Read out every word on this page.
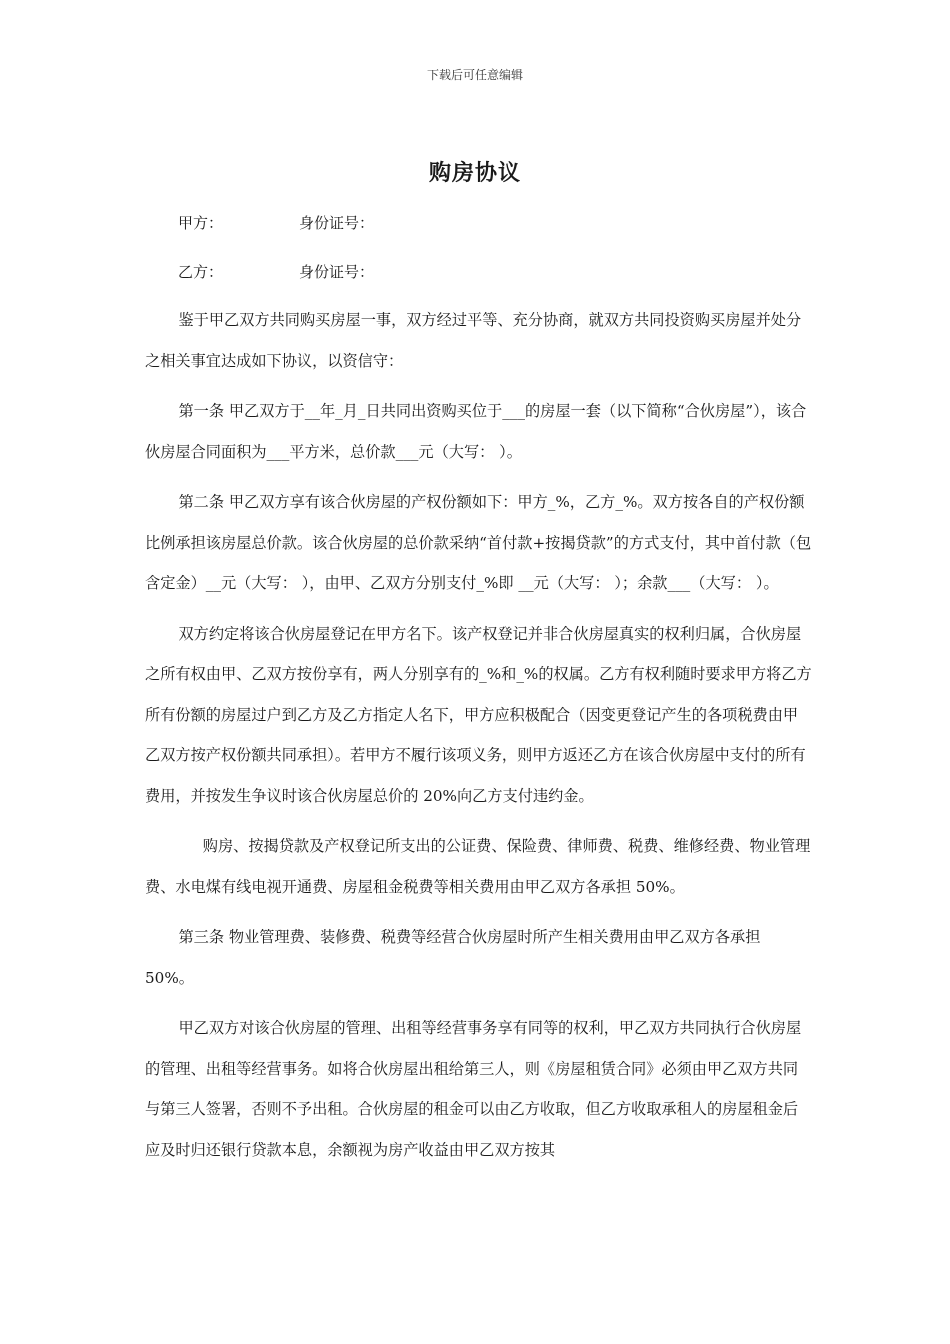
下载后可任意编辑
购房协议
甲方：	身份证号：
乙方：	身份证号：

鉴于甲乙双方共同购买房屋一事，双方经过平等、充分协商，就双方共同投资购买房屋并处分之相关事宜达成如下协议，以资信守：

第一条 甲乙双方于__年_月_日共同出资购买位于___的房屋一套（以下简称“合伙房屋”），该合伙房屋合同面积为___平方米，总价款___元（大写： ）。

第二条 甲乙双方享有该合伙房屋的产权份额如下：甲方_%，乙方_%。双方按各自的产权份额比例承担该房屋总价款。该合伙房屋的总价款采纳“首付款+按揭贷款”的方式支付，其中首付款（包含定金）__元（大写： ），由甲、乙双方分别支付_%即 __元（大写： ）；余款___（大写： ）。

双方约定将该合伙房屋登记在甲方名下。该产权登记并非合伙房屋真实的权利归属，合伙房屋之所有权由甲、乙双方按份享有，两人分别享有的_%和_%的权属。乙方有权利随时要求甲方将乙方所有份额的房屋过户到乙方及乙方指定人名下，甲方应积极配合（因变更登记产生的各项税费由甲乙双方按产权份额共同承担）。若甲方不履行该项义务，则甲方返还乙方在该合伙房屋中支付的所有费用，并按发生争议时该合伙房屋总价的 20%向乙方支付违约金。

购房、按揭贷款及产权登记所支出的公证费、保险费、律师费、税费、维修经费、物业管理费、水电煤有线电视开通费、房屋租金税费等相关费用由甲乙双方各承担 50%。

第三条 物业管理费、装修费、税费等经营合伙房屋时所产生相关费用由甲乙双方各承担 50%。

甲乙双方对该合伙房屋的管理、出租等经营事务享有同等的权利，甲乙双方共同执行合伙房屋的管理、出租等经营事务。如将合伙房屋出租给第三人，则《房屋租赁合同》必须由甲乙双方共同与第三人签署，否则不予出租。合伙房屋的租金可以由乙方收取，但乙方收取承租人的房屋租金后应及时归还银行贷款本息，余额视为房产收益由甲乙双方按其
